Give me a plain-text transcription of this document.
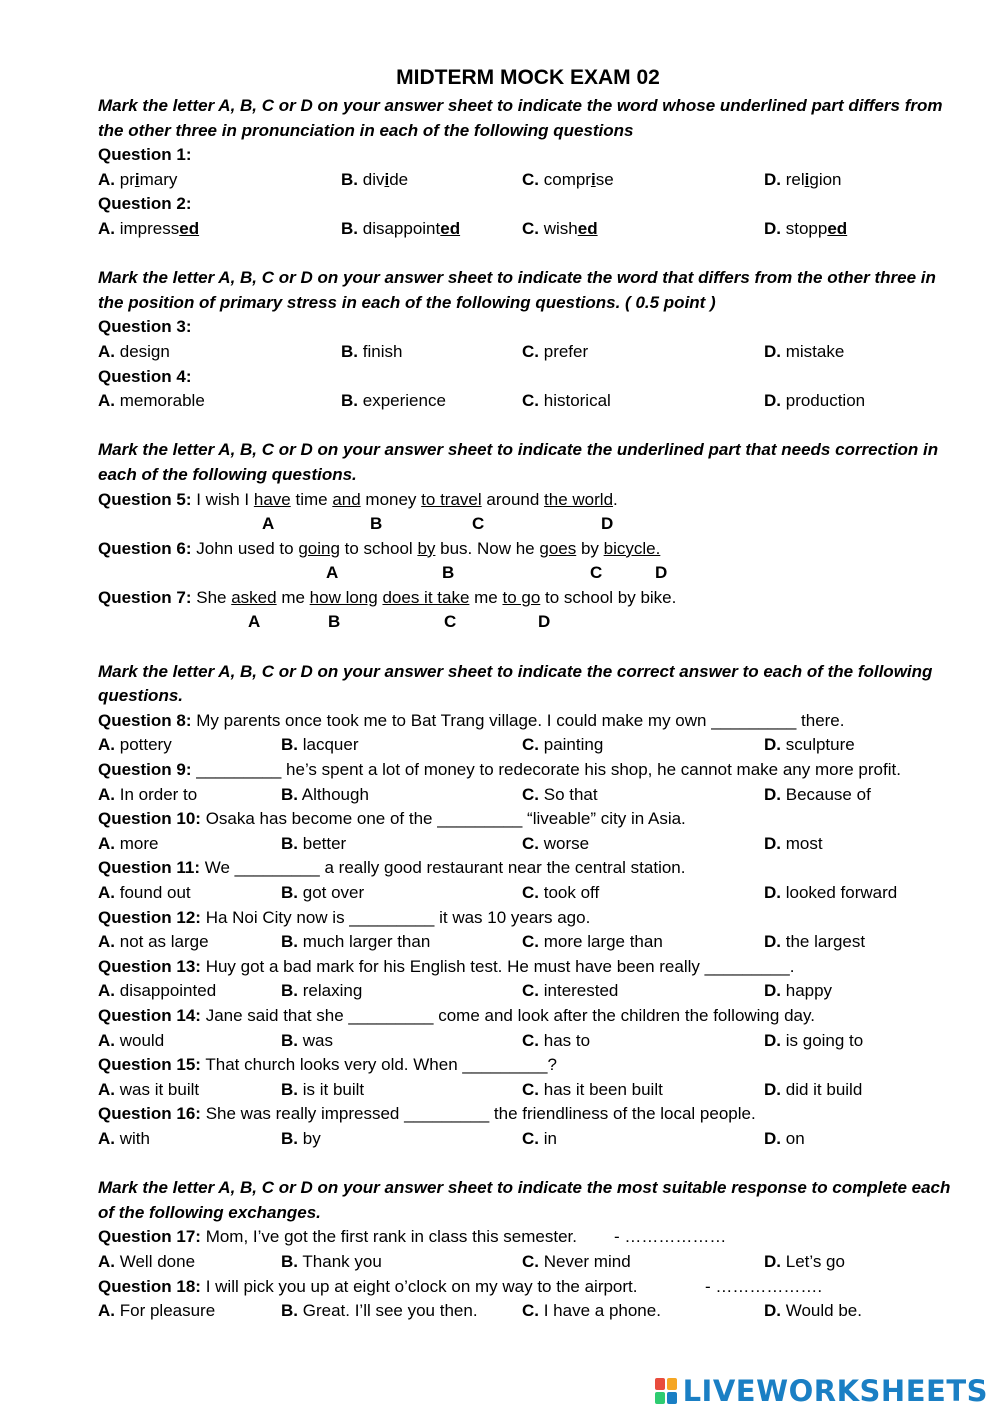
MIDTERM MOCK EXAM 02
Mark the letter A, B, C or D on your answer sheet to indicate the word whose underlined part differs from the other three in pronunciation in each of the following questions
Question 1:
A. primary	B. divide	C. comprise	D. religion
Question 2:
A. impressed	B. disappointed	C. wished	D. stopped
Mark the letter A, B, C or D on your answer sheet to indicate the word that differs from the other three in the position of primary stress in each of the following questions. ( 0.5 point )
Question 3:
A. design	B. finish	C. prefer	D. mistake
Question 4:
A. memorable	B. experience	C. historical	D. production
Mark the letter A, B, C or D on your answer sheet to indicate the underlined part that needs correction in each of the following questions.
Question 5: I wish I have time and money to travel around the world.
A	B	C	D
Question 6: John used to going to school by bus. Now he goes by bicycle.
A	B	C	D
Question 7: She asked me how long does it take me to go to school by bike.
A	B	C	D
Mark the letter A, B, C or D on your answer sheet to indicate the correct answer to each of the following questions.
Question 8: My parents once took me to Bat Trang village. I could make my own _________ there.
A. pottery	B. lacquer	C. painting	D. sculpture
Question 9: _________ he’s spent a lot of money to redecorate his shop, he cannot make any more profit.
A. In order to	B. Although	C. So that	D. Because of
Question 10: Osaka has become one of the _________ “liveable” city in Asia.
A. more	B. better	C. worse	D. most
Question 11: We _________ a really good restaurant near the central station.
A. found out	B. got over	C. took off	D. looked forward
Question 12: Ha Noi City now is _________ it was 10 years ago.
A. not as large	B. much larger than	C. more large than	D. the largest
Question 13: Huy got a bad mark for his English test. He must have been really _________.
A. disappointed	B. relaxing	C. interested	D. happy
Question 14: Jane said that she _________ come and look after the children the following day.
A. would	B. was	C. has to	D. is going to
Question 15: That church looks very old. When _________?
A. was it built	B. is it built	C. has it been built	D. did it build
Question 16: She was really impressed _________ the friendliness of the local people.
A. with	B. by	C. in	D. on
Mark the letter A, B, C or D on your answer sheet to indicate the most suitable response to complete each of the following exchanges.
Question 17: Mom, I’ve got the first rank in class this semester. - ………………
A. Well done	B. Thank you	C. Never mind	D. Let’s go
Question 18: I will pick you up at eight o’clock on my way to the airport.	- ……………….
A. For pleasure	B. Great. I’ll see you then.	C. I have a phone.	D. Would be.
LIVEWORKSHEETS
